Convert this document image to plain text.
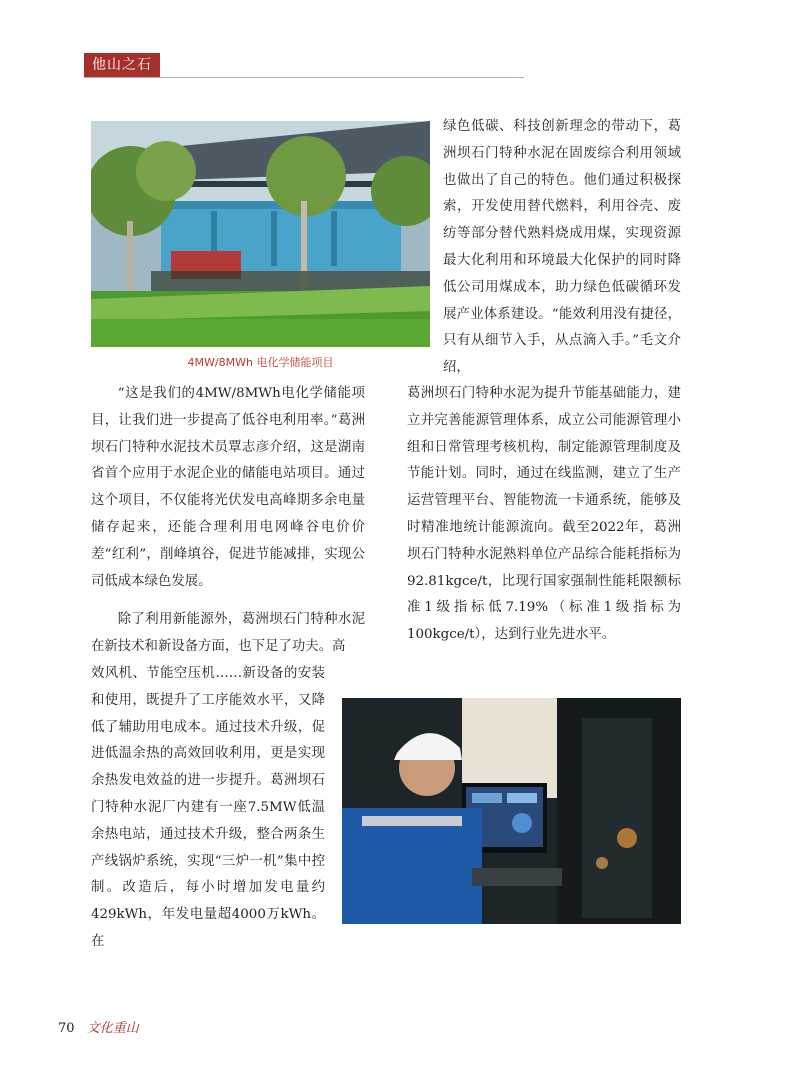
他山之石
4MW/8MWh 电化学储能项目

绿色低碳、科技创新理念的带动下，葛洲坝石门特种水泥在固废综合利用领域也做出了自己的特色。他们通过积极探索，开发使用替代燃料，利用谷壳、废纺等部分替代熟料烧成用煤，实现资源最大化利用和环境最大化保护的同时降低公司用煤成本，助力绿色低碳循环发展产业体系建设。“能效利用没有捷径，只有从细节入手，从点滴入手。”毛文介绍，

“这是我们的4MW/8MWh电化学储能项目，让我们进一步提高了低谷电利用率。”葛洲坝石门特种水泥技术员覃志彦介绍，这是湖南省首个应用于水泥企业的储能电站项目。通过这个项目，不仅能将光伏发电高峰期多余电量储存起来，还能合理利用电网峰谷电价价差“红利”，削峰填谷，促进节能减排，实现公司低成本绿色发展。

葛洲坝石门特种水泥为提升节能基础能力，建立并完善能源管理体系，成立公司能源管理小组和日常管理考核机构，制定能源管理制度及节能计划。同时，通过在线监测，建立了生产运营管理平台、智能物流一卡通系统，能够及时精准地统计能源流向。截至2022年，葛洲坝石门特种水泥熟料单位产品综合能耗指标为92.81kgce/t，比现行国家强制性能耗限额标准1级指标低7.19%（标准1级指标为100kgce/t），达到行业先进水平。

除了利用新能源外，葛洲坝石门特种水泥在新技术和新设备方面，也下足了功夫。高

效风机、节能空压机……新设备的安装和使用，既提升了工序能效水平，又降低了辅助用电成本。通过技术升级，促进低温余热的高效回收利用，更是实现余热发电效益的进一步提升。葛洲坝石门特种水泥厂内建有一座7.5MW低温余热电站，通过技术升级，整合两条生产线锅炉系统，实现“三炉一机”集中控制。改造后，每小时增加发电量约429kWh，年发电量超4000万kWh。在

70 文化重山
